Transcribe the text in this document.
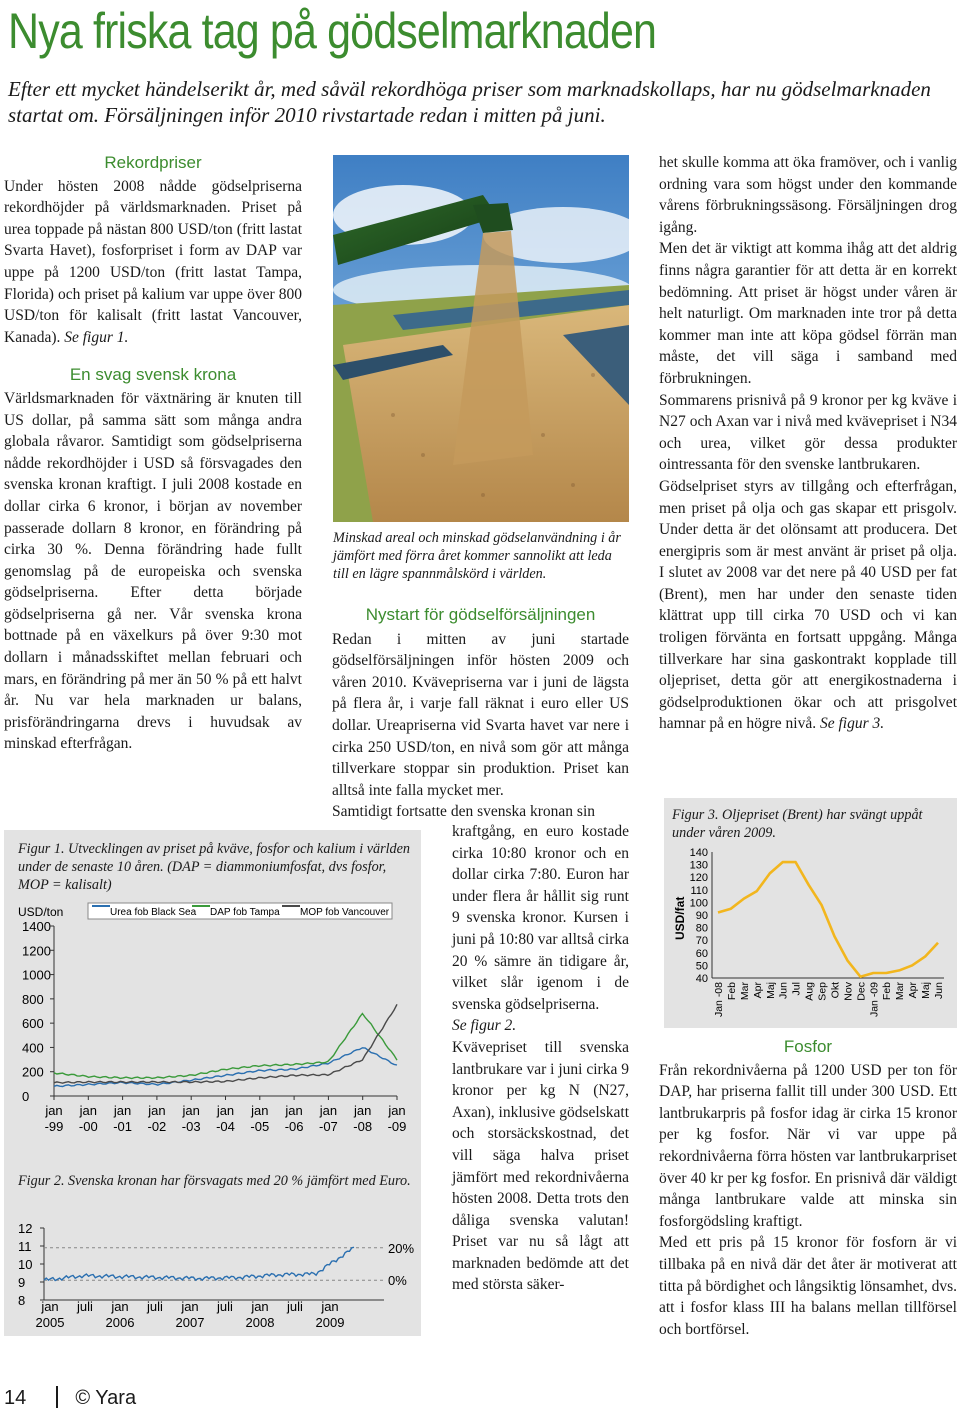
Nya friska tag på gödselmarknaden
Efter ett mycket händelserikt år, med såväl rekordhöga priser som marknadskollaps, har nu gödselmarknaden startat om. Försäljningen inför 2010 rivstartade redan i mitten på juni.
Rekordpriser

Under hösten 2008 nådde gödselpriserna rekordhöjder på världsmarknaden. Priset på urea toppade på nästan 800 USD/ton (fritt lastat Svarta Havet), fosforpriset i form av DAP var uppe på 1200 USD/ton (fritt lastat Tampa, Florida) och priset på kalium var uppe över 800 USD/ton för kalisalt (fritt lastat Vancouver, Kanada). Se figur 1.

En svag svensk krona

Världsmarknaden för växtnäring är knuten till US dollar, på samma sätt som många andra globala råvaror. Samtidigt som gödselpriserna nådde rekordhöjder i USD så försvagades den svenska kronan kraftigt. I juli 2008 kostade en dollar cirka 6 kronor, i början av november passerade dollarn 8 kronor, en förändring på cirka 30 %. Denna förändring hade fullt genomslag på de europeiska och svenska gödselpriserna. Efter detta började gödselpriserna gå ner. Vår svenska krona bottnade på en växelkurs på över 9:30 mot dollarn i månadsskiftet mellan februari och mars, en förändring på mer än 50 % på ett halvt år. Nu var hela marknaden ur balans, prisförändringarna drevs i huvudsak av minskad efterfrågan.

Minskad areal och minskad gödselanvändning i år jämfört med förra året kommer sannolikt att leda till en lägre spannmålskörd i världen.
Nystart för gödselförsäljningen

Redan i mitten av juni startade gödselförsäljningen inför hösten 2009 och våren 2010. Kvävepriserna var i juni de lägsta på flera år, i varje fall räknat i euro eller US dollar. Ureapriserna vid Svarta havet var nere i cirka 250 USD/ton, en nivå som gör att många tillverkare stoppar sin produktion. Priset kan alltså inte falla mycket mer.

Samtidigt fortsatte den svenska kronan sin

kraftgång, en euro kostade cirka 10:80 kronor och en dollar cirka 7:80. Euron har under flera år hållit sig runt 9 svenska kronor. Kursen i juni på 10:80 var alltså cirka 20 % sämre än tidigare år, vilket slår igenom i de svenska gödselpriserna.

Se figur 2.

Kvävepriset till svenska lantbrukare var i juni cirka 9 kronor per kg N (N27, Axan), inklusive gödselskatt och storsäckskostnad, det vill säga halva priset jämfört med rekordnivåerna hösten 2008. Detta trots den dåliga svenska valutan! Priset var nu så lågt att marknaden bedömde att det med största säker-

het skulle komma att öka framöver, och i vanlig ordning vara som högst under den kommande vårens förbrukningssäsong. Försäljningen drog igång.

Men det är viktigt att komma ihåg att det aldrig finns några garantier för att detta är en korrekt bedömning. Att priset är högst under våren är helt naturligt. Om marknaden inte tror på detta kommer man inte att köpa gödsel förrän man måste, det vill säga i samband med förbrukningen.

Sommarens prisnivå på 9 kronor per kg kväve i N27 och Axan var i nivå med kvävepriset i N34 och urea, vilket gör dessa produkter ointressanta för den svenske lantbrukaren.

Gödselpriset styrs av tillgång och efterfrågan, men priset på olja och gas skapar ett prisgolv. Under detta är det olönsamt att producera. Det energipris som är mest använt är priset på olja. I slutet av 2008 var det nere på 40 USD per fat (Brent), men har under den senaste tiden klättrat upp till cirka 70 USD och vi kan troligen förvänta en fortsatt uppgång. Många tillverkare har sina gaskontrakt kopplade till oljepriset, detta gör att energikostnaderna i gödselproduktionen ökar och att prisgolvet hamnar på en högre nivå. Se figur 3.

Fosfor

Från rekordnivåerna på 1200 USD per ton för DAP, har priserna fallit till under 300 USD. Ett lantbrukarpris på fosfor idag är cirka 15 kronor per kg fosfor. När vi var uppe på rekordnivåerna förra hösten var lantbrukarpriset över 40 kr per kg fosfor. En prisnivå där väldigt många lantbrukare valde att minska sin fosforgödsling kraftigt.

Med ett pris på 15 kronor för fosforn är vi tillbaka på en nivå där det åter är motiverat att titta på bördighet och långsiktig lönsamhet, dvs. att i fosfor klass III ha balans mellan tillförsel och bortförsel.

Figur 1. Utvecklingen av priset på kväve, fosfor och kalium i världen under de senaste 10 åren. (DAP = diammoniumfosfat, dvs fosfor, MOP = kalisalt)
USD/ton
1400
1200
1000
800
600
400
200
0
jan
-99
jan
-00
jan
-01
jan
-02
jan
-03
jan
-04
jan
-05
jan
-06
jan
-07
jan
-08
jan
-09
Urea fob Black Sea DAP fob Tampa MOP fob Vancouver
Figur 2. Svenska kronan har försvagats med 20 % jämfört med Euro.
12
11
10
9
8
20%
0%
jan
2005
juli jan
2006
juli jan
2007
juli jan
2008
juli jan
2009
Figur 3. Oljepriset (Brent) har svängt uppåt under våren 2009.
USD/fat
140
130
120
110
100
90
80
70
60
50
40
Jan -08 Feb Mar Apr Maj Jun Jul Aug Sep Okt Nov Dec Jan -09 Feb Mar Apr Maj Jun
14 © Yara
